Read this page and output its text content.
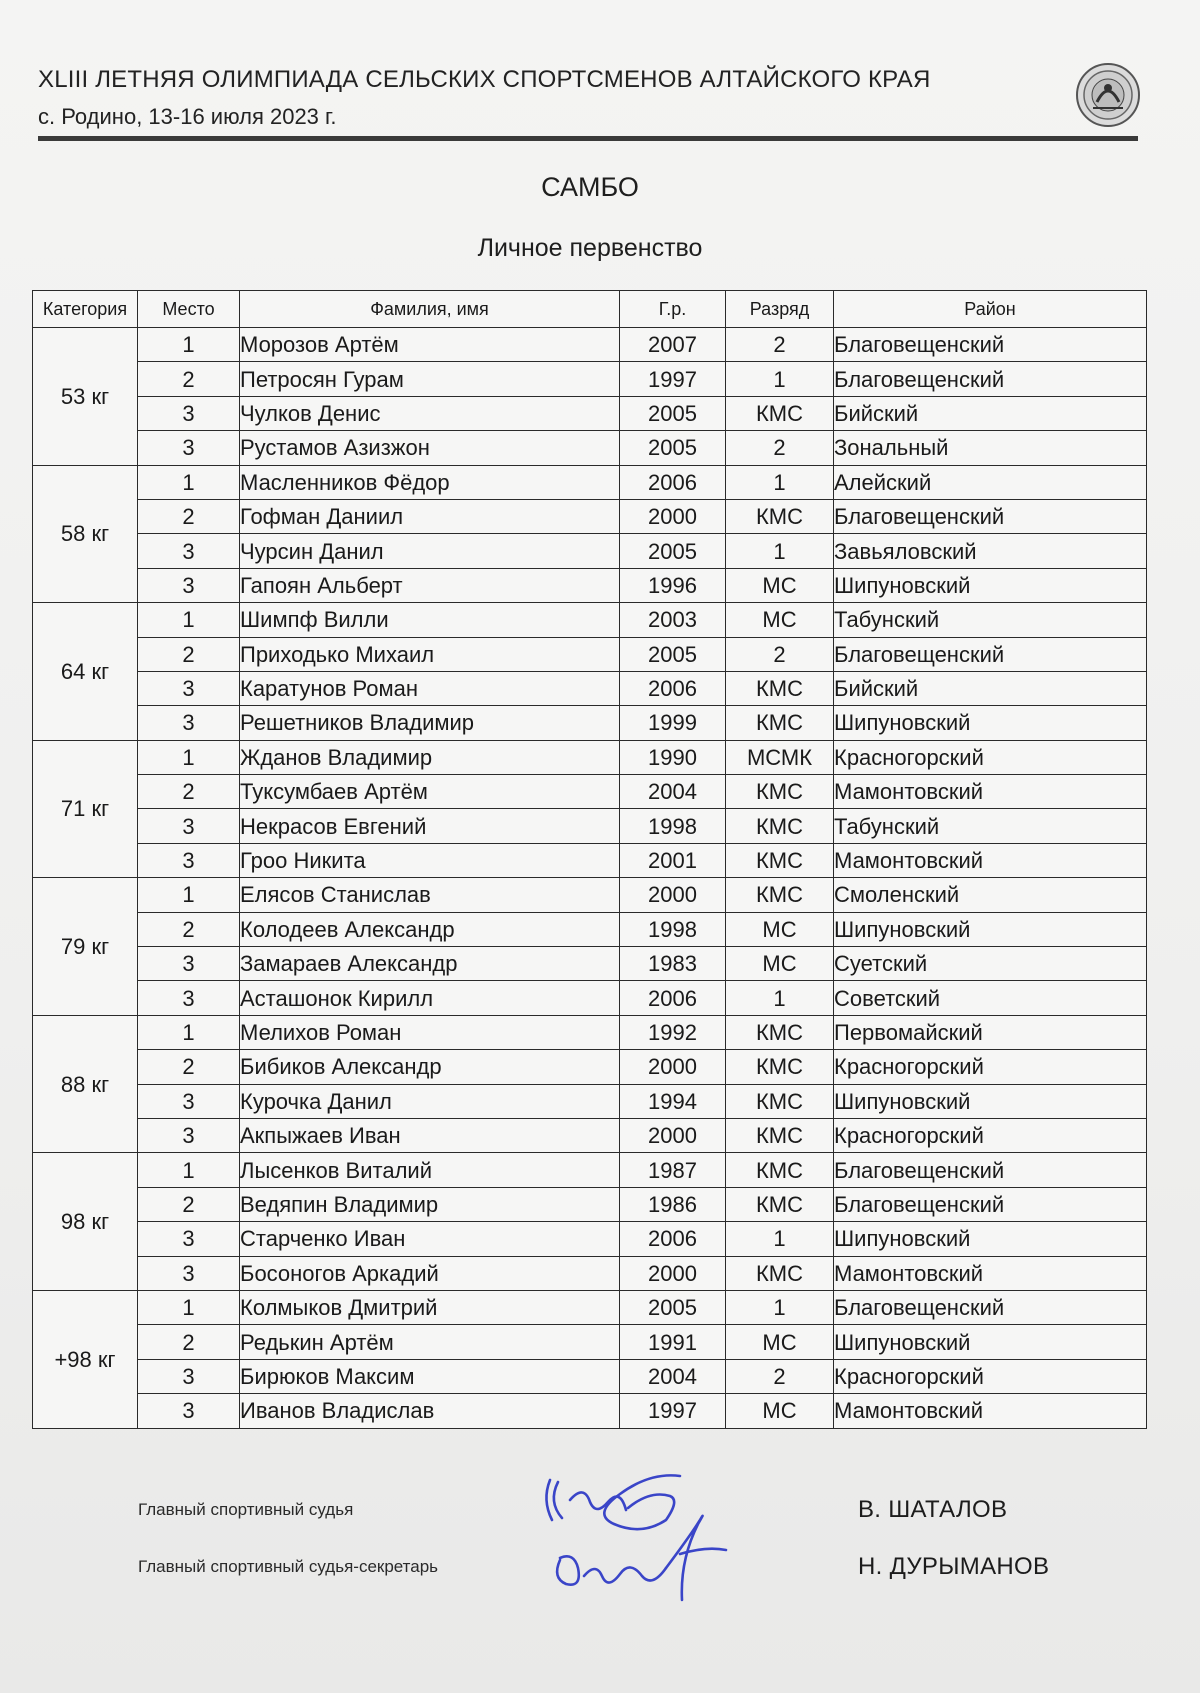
XLIII ЛЕТНЯЯ ОЛИМПИАДА СЕЛЬСКИХ СПОРТСМЕНОВ АЛТАЙСКОГО КРАЯ
с. Родино, 13-16 июля 2023 г.
САМБО
Личное первенство
Категория	Место	Фамилия, имя	Г.р.	Разряд	Район
53 кг	1	Морозов Артём	2007	2	Благовещенский
	2	Петросян Гурам	1997	1	Благовещенский
	3	Чулков Денис	2005	КМС	Бийский
	3	Рустамов Азизжон	2005	2	Зональный
58 кг	1	Масленников Фёдор	2006	1	Алейский
	2	Гофман Даниил	2000	КМС	Благовещенский
	3	Чурсин Данил	2005	1	Завьяловский
	3	Гапоян Альберт	1996	МС	Шипуновский
64 кг	1	Шимпф Вилли	2003	МС	Табунский
	2	Приходько Михаил	2005	2	Благовещенский
	3	Каратунов Роман	2006	КМС	Бийский
	3	Решетников Владимир	1999	КМС	Шипуновский
71 кг	1	Жданов Владимир	1990	МСМК	Красногорский
	2	Туксумбаев Артём	2004	КМС	Мамонтовский
	3	Некрасов Евгений	1998	КМС	Табунский
	3	Гроо Никита	2001	КМС	Мамонтовский
79 кг	1	Елясов Станислав	2000	КМС	Смоленский
	2	Колодеев Александр	1998	МС	Шипуновский
	3	Замараев Александр	1983	МС	Суетский
	3	Асташонок Кирилл	2006	1	Советский
88 кг	1	Мелихов Роман	1992	КМС	Первомайский
	2	Бибиков Александр	2000	КМС	Красногорский
	3	Курочка Данил	1994	КМС	Шипуновский
	3	Акпыжаев Иван	2000	КМС	Красногорский
98 кг	1	Лысенков Виталий	1987	КМС	Благовещенский
	2	Ведяпин Владимир	1986	КМС	Благовещенский
	3	Старченко Иван	2006	1	Шипуновский
	3	Босоногов Аркадий	2000	КМС	Мамонтовский
+98 кг	1	Колмыков Дмитрий	2005	1	Благовещенский
	2	Редькин Артём	1991	МС	Шипуновский
	3	Бирюков Максим	2004	2	Красногорский
	3	Иванов Владислав	1997	МС	Мамонтовский
Главный спортивный судья	В. ШАТАЛОВ
Главный спортивный судья-секретарь	Н. ДУРЫМАНОВ
